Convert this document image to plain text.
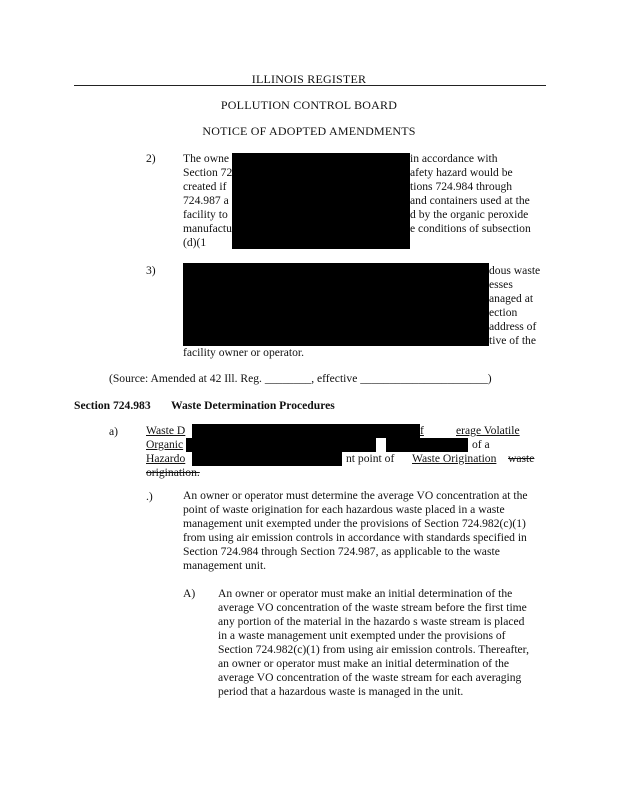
ILLINOIS REGISTER
POLLUTION CONTROL BOARD
NOTICE OF ADOPTED AMENDMENTS
2) The owne	in accordance with
Section 72	afety hazard would be
created if	tions 724.984 through
724.987 a	and containers used at the
facility to	d by the organic peroxide
manufactu	e conditions of subsection
(d)(1
3)	dous waste
esses
anaged at
ection
address of
tive of the
facility owner or operator.
(Source: Amended at 42 Ill. Reg. ________, effective ______________________)
Section 724.983 Waste Determination Procedures
a) Waste D	f	erage Volatile
Organic	of a
Hazardo	nt point of Waste Origination waste
origination.
.)	An owner or operator must determine the average VO concentration at the
point of waste origination for each hazardous waste placed in a waste
management unit exempted under the provisions of Section 724.982(c)(1)
from using air emission controls in accordance with standards specified in
Section 724.984 through Section 724.987, as applicable to the waste
management unit.
A) An owner or operator must make an initial determination of the
average VO concentration of the waste stream before the first time
any portion of the material in the hazardo s waste stream is placed
in a waste management unit exempted under the provisions of
Section 724.982(c)(1) from using air emission controls. Thereafter,
an owner or operator must make an initial determination of the
average VO concentration of the waste stream for each averaging
period that a hazardous waste is managed in the unit.
